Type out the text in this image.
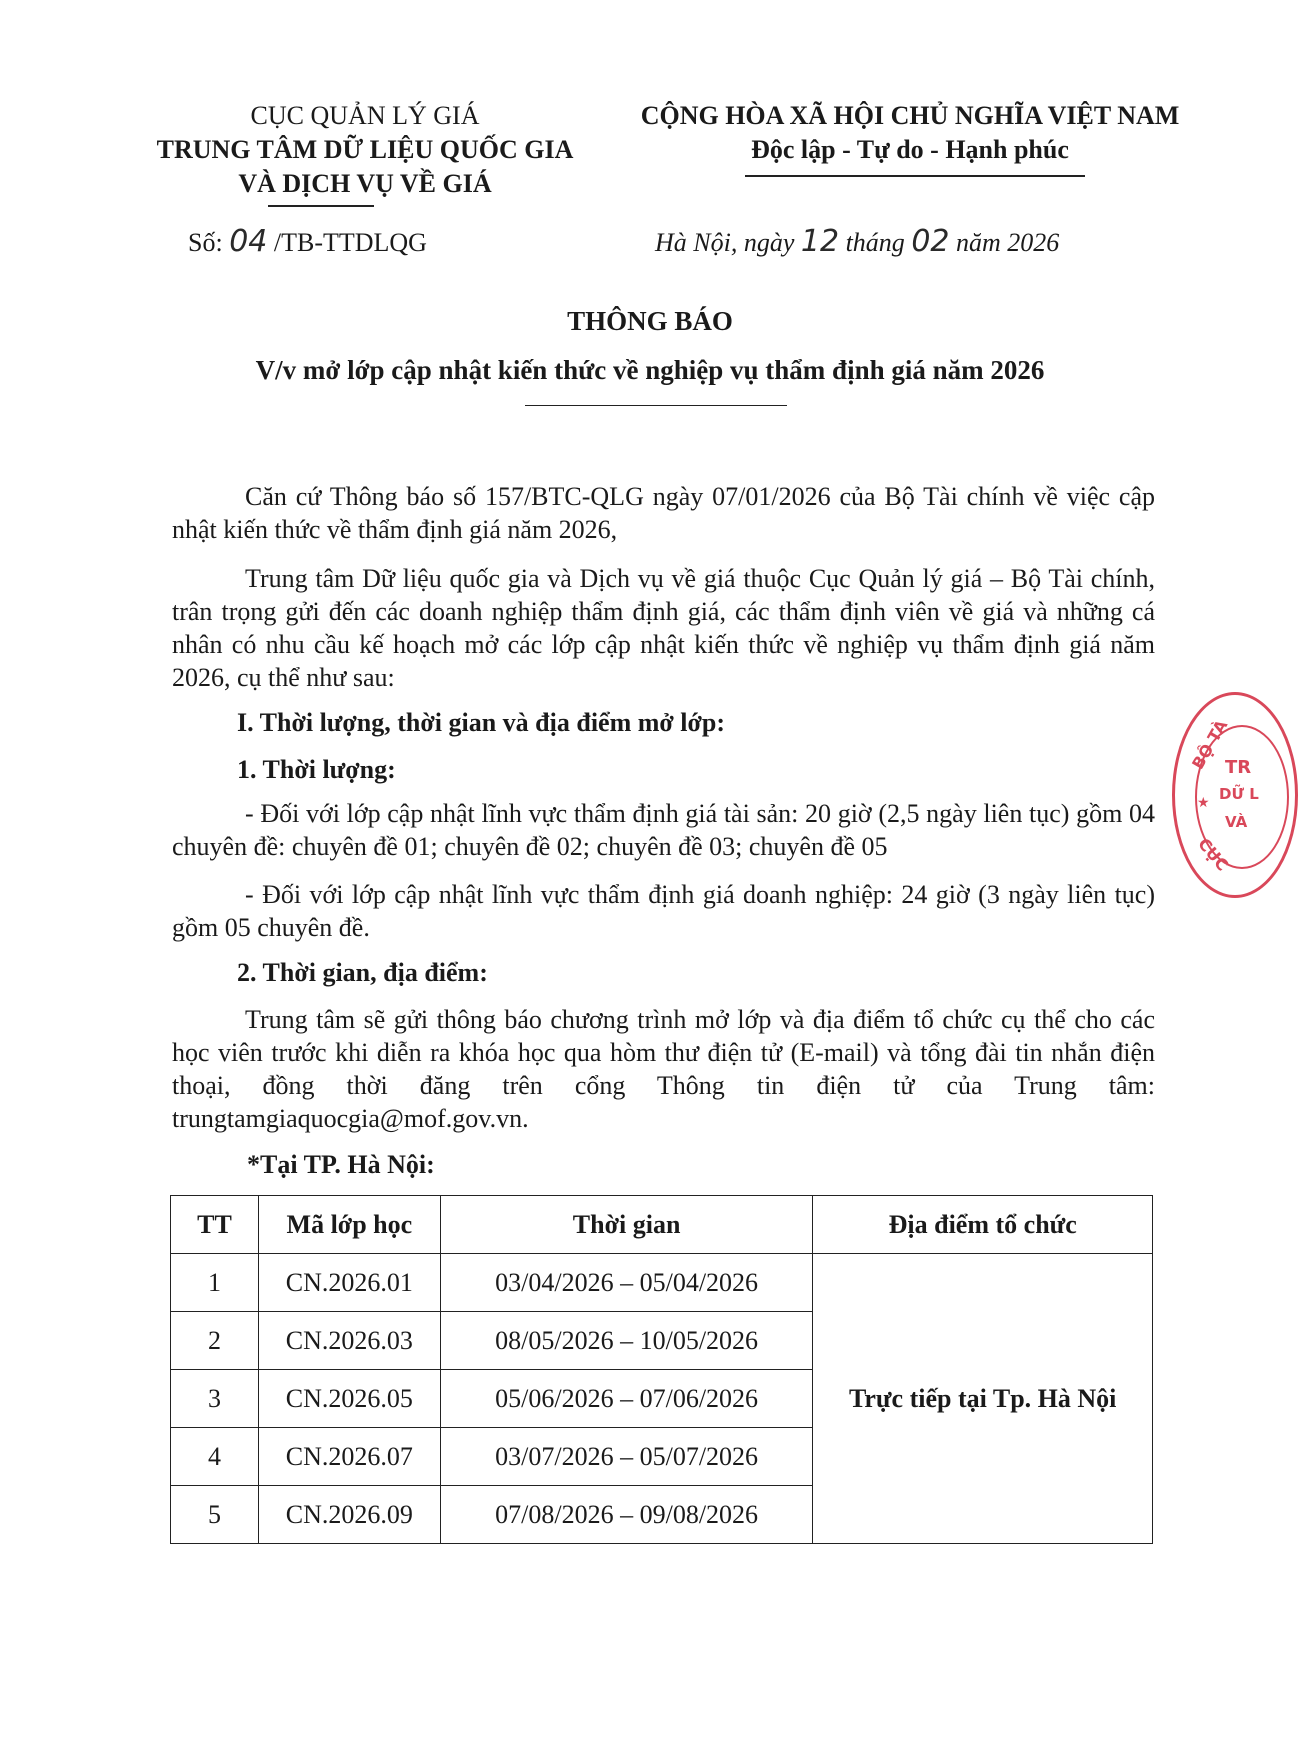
CỤC QUẢN LÝ GIÁ
TRUNG TÂM DỮ LIỆU QUỐC GIA
VÀ DỊCH VỤ VỀ GIÁ
CỘNG HÒA XÃ HỘI CHỦ NGHĨA VIỆT NAM
Độc lập - Tự do - Hạnh phúc
Số: 04 /TB-TTDLQG	Hà Nội, ngày 12 tháng 02 năm 2026
THÔNG BÁO
V/v mở lớp cập nhật kiến thức về nghiệp vụ thẩm định giá năm 2026
Căn cứ Thông báo số 157/BTC-QLG ngày 07/01/2026 của Bộ Tài chính về việc cập nhật kiến thức về thẩm định giá năm 2026,
Trung tâm Dữ liệu quốc gia và Dịch vụ về giá thuộc Cục Quản lý giá – Bộ Tài chính, trân trọng gửi đến các doanh nghiệp thẩm định giá, các thẩm định viên về giá và những cá nhân có nhu cầu kế hoạch mở các lớp cập nhật kiến thức về nghiệp vụ thẩm định giá năm 2026, cụ thể như sau:
I. Thời lượng, thời gian và địa điểm mở lớp:
1. Thời lượng:
- Đối với lớp cập nhật lĩnh vực thẩm định giá tài sản: 20 giờ (2,5 ngày liên tục) gồm 04 chuyên đề: chuyên đề 01; chuyên đề 02; chuyên đề 03; chuyên đề 05
- Đối với lớp cập nhật lĩnh vực thẩm định giá doanh nghiệp: 24 giờ (3 ngày liên tục) gồm 05 chuyên đề.
2. Thời gian, địa điểm:
Trung tâm sẽ gửi thông báo chương trình mở lớp và địa điểm tổ chức cụ thể cho các học viên trước khi diễn ra khóa học qua hòm thư điện tử (E-mail) và tổng đài tin nhắn điện thoại, đồng thời đăng trên cổng Thông tin điện tử của Trung tâm: trungtamgiaquocgia@mof.gov.vn.
*Tại TP. Hà Nội:
TT	Mã lớp học	Thời gian	Địa điểm tổ chức
1	CN.2026.01	03/04/2026 – 05/04/2026	Trực tiếp tại Tp. Hà Nội
2	CN.2026.03	08/05/2026 – 10/05/2026	
3	CN.2026.05	05/06/2026 – 07/06/2026	
4	CN.2026.07	03/07/2026 – 05/07/2026	
5	CN.2026.09	07/08/2026 – 09/08/2026	
BỘ TÀ
TR
DỮ L
VÀ
CỤC
★
